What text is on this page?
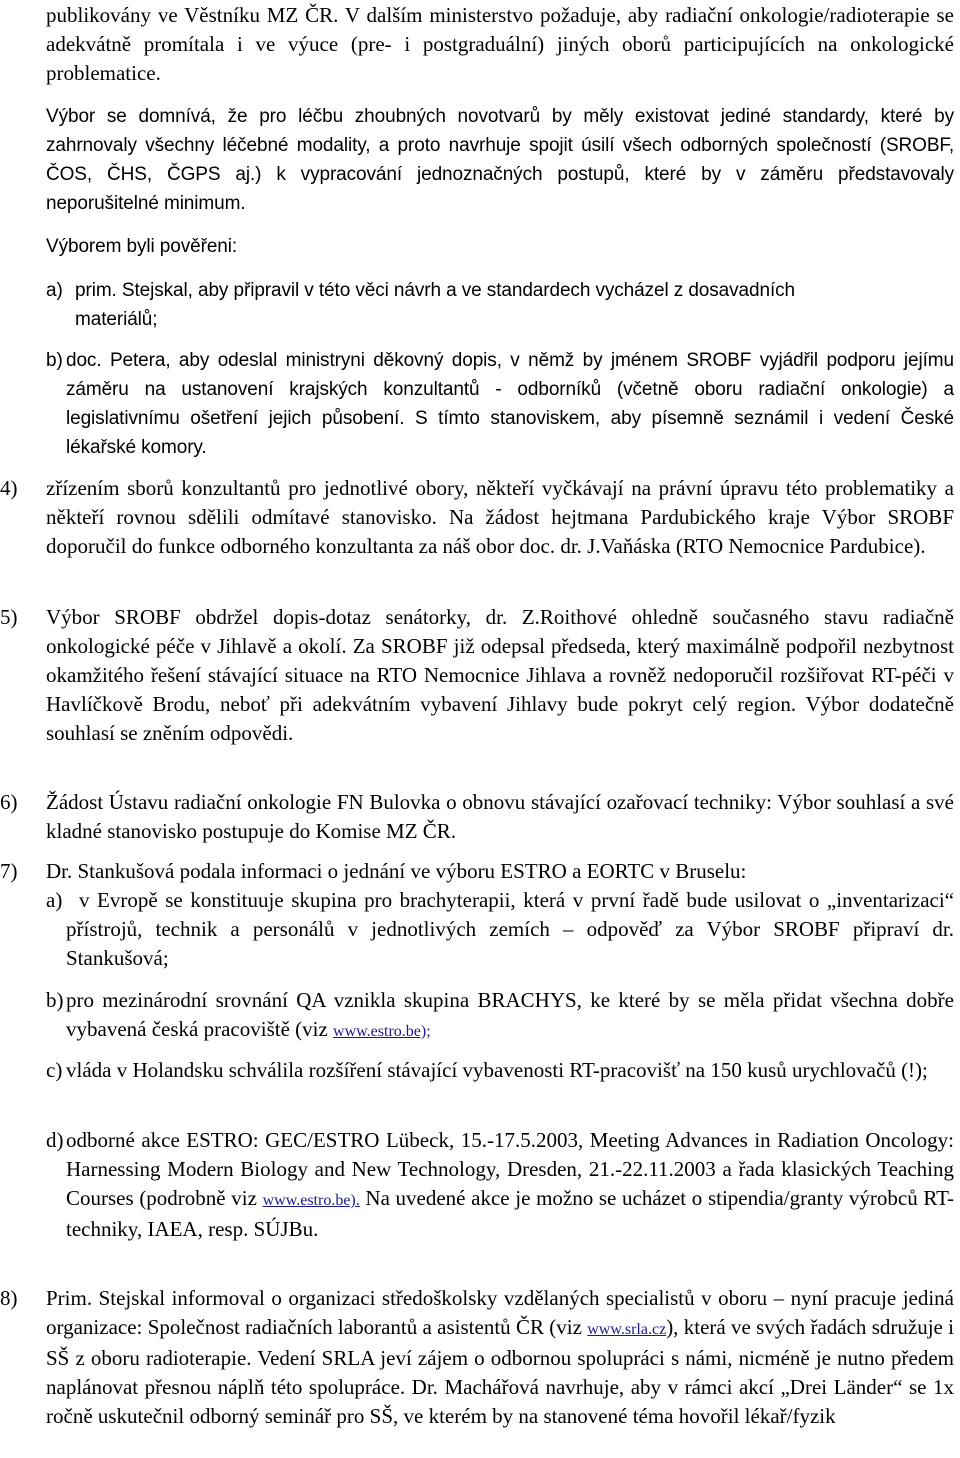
publikovány ve Věstníku MZ ČR. V dalším ministerstvo požaduje, aby radiační onkologie/radioterapie se adekvátně promítala i ve výuce (pre- i postgraduální) jiných oborů participujících na onkologické problematice.

Výbor se domnívá, že pro léčbu zhoubných novotvarů by měly existovat jediné standardy, které by zahrnovaly všechny léčebné modality, a proto navrhuje spojit úsilí všech odborných společností (SROBF, ČOS, ČHS, ČGPS aj.) k vypracování jednoznačných postupů, které by v záměru představovaly neporušitelné minimum.

Výborem byli pověřeni:

a) prim. Stejskal, aby připravil v této věci návrh a ve standardech vycházel z dosavadních materiálů;

b) doc. Petera, aby odeslal ministryni děkovný dopis, v němž by jménem SROBF vyjádřil podporu jejímu záměru na ustanovení krajských konzultantů - odborníků (včetně oboru radiační onkologie) a legislativnímu ošetření jejich působení. S tímto stanoviskem, aby písemně seznámil i vedení České lékařské komory.

4) zřízením sborů konzultantů pro jednotlivé obory, někteří vyčkávají na právní úpravu této problematiky a někteří rovnou sdělili odmítavé stanovisko. Na žádost hejtmana Pardubického kraje Výbor SROBF doporučil do funkce odborného konzultanta za náš obor doc. dr. J.Vaňáska (RTO Nemocnice Pardubice).

5) Výbor SROBF obdržel dopis-dotaz senátorky, dr. Z.Roithové ohledně současného stavu radiačně onkologické péče v Jihlavě a okolí. Za SROBF již odepsal předseda, který maximálně podpořil nezbytnost okamžitého řešení stávající situace na RTO Nemocnice Jihlava a rovněž nedoporučil rozšiřovat RT-péči v Havlíčkově Brodu, neboť při adekvátním vybavení Jihlavy bude pokryt celý region. Výbor dodatečně souhlasí se zněním odpovědi.

6) Žádost Ústavu radiační onkologie FN Bulovka o obnovu stávající ozařovací techniky: Výbor souhlasí a své kladné stanovisko postupuje do Komise MZ ČR.

7) Dr. Stankušová podala informaci o jednání ve výboru ESTRO a EORTC v Bruselu:

a) v Evropě se konstituuje skupina pro brachyterapii, která v první řadě bude usilovat o „inventarizaci“ přístrojů, technik a personálů v jednotlivých zemích – odpověď za Výbor SROBF připraví dr. Stankušová;

b) pro mezinárodní srovnání QA vznikla skupina BRACHYS, ke které by se měla přidat všechna dobře vybavená česká pracoviště (viz www.estro.be);

c) vláda v Holandsku schválila rozšíření stávající vybavenosti RT-pracovišť na 150 kusů urychlovačů (!);

d) odborné akce ESTRO: GEC/ESTRO Lübeck, 15.-17.5.2003, Meeting Advances in Radiation Oncology: Harnessing Modern Biology and New Technology, Dresden, 21.-22.11.2003 a řada klasických Teaching Courses (podrobně viz www.estro.be). Na uvedené akce je možno se ucházet o stipendia/granty výrobců RT-techniky, IAEA, resp. SÚJBu.

8) Prim. Stejskal informoval o organizaci středoškolsky vzdělaných specialistů v oboru – nyní pracuje jediná organizace: Společnost radiačních laborantů a asistentů ČR (viz www.srla.cz), která ve svých řadách sdružuje i SŠ z oboru radioterapie. Vedení SRLA jeví zájem o odbornou spolupráci s námi, nicméně je nutno předem naplánovat přesnou náplň této spolupráce. Dr. Machářová navrhuje, aby v rámci akcí „Drei Länder“ se 1x ročně uskutečnil odborný seminář pro SŠ, ve kterém by na stanovené téma hovořil lékař/fyzik
